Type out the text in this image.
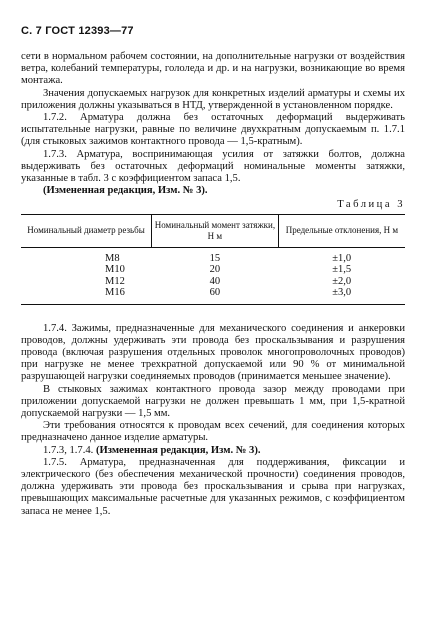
С. 7 ГОСТ 12393—77

сети в нормальном рабочем состоянии, на дополнительные нагрузки от воздействия ветра, колебаний температуры, гололеда и др. и на нагрузки, возникающие во время монтажа.

Значения допускаемых нагрузок для конкретных изделий арматуры и схемы их приложения должны указываться в НТД, утвержденной в установленном порядке.

1.7.2. Арматура должна без остаточных деформаций выдерживать испытательные нагрузки, равные по величине двухкратным допускаемым п. 1.7.1 (для стыковых зажимов контактного провода — 1,5-кратным).

1.7.3. Арматура, воспринимающая усилия от затяжки болтов, должна выдерживать без остаточных деформаций номинальные моменты затяжки, указанные в табл. 3 с коэффициентом запаса 1,5.

(Измененная редакция, Изм. № 3).

Таблица 3

Номинальный диаметр резьбы	Номинальный момент затяжки, Н м	Предельные отклонения, Н м
М8	15	±1,0
М10	20	±1,5
М12	40	±2,0
М16	60	±3,0

1.7.4. Зажимы, предназначенные для механического соединения и анкеровки проводов, должны удерживать эти провода без проскальзывания и разрушения провода (включая разрушения отдельных проволок многопроволочных проводов) при нагрузке не менее трехкратной допускаемой или 90 % от минимальной разрушающей нагрузки соединяемых проводов (принимается меньшее значение).

В стыковых зажимах контактного провода зазор между проводами при приложении допускаемой нагрузки не должен превышать 1 мм, при 1,5-кратной допускаемой нагрузки — 1,5 мм.

Эти требования относятся к проводам всех сечений, для соединения которых предназначено данное изделие арматуры.

1.7.3, 1.7.4. (Измененная редакция, Изм. № 3).

1.7.5. Арматура, предназначенная для поддерживания, фиксации и электрического (без обеспечения механической прочности) соединения проводов, должна удерживать эти провода без проскальзывания и срыва при нагрузках, превышающих максимальные расчетные для указанных режимов, с коэффициентом запаса не менее 1,5.
